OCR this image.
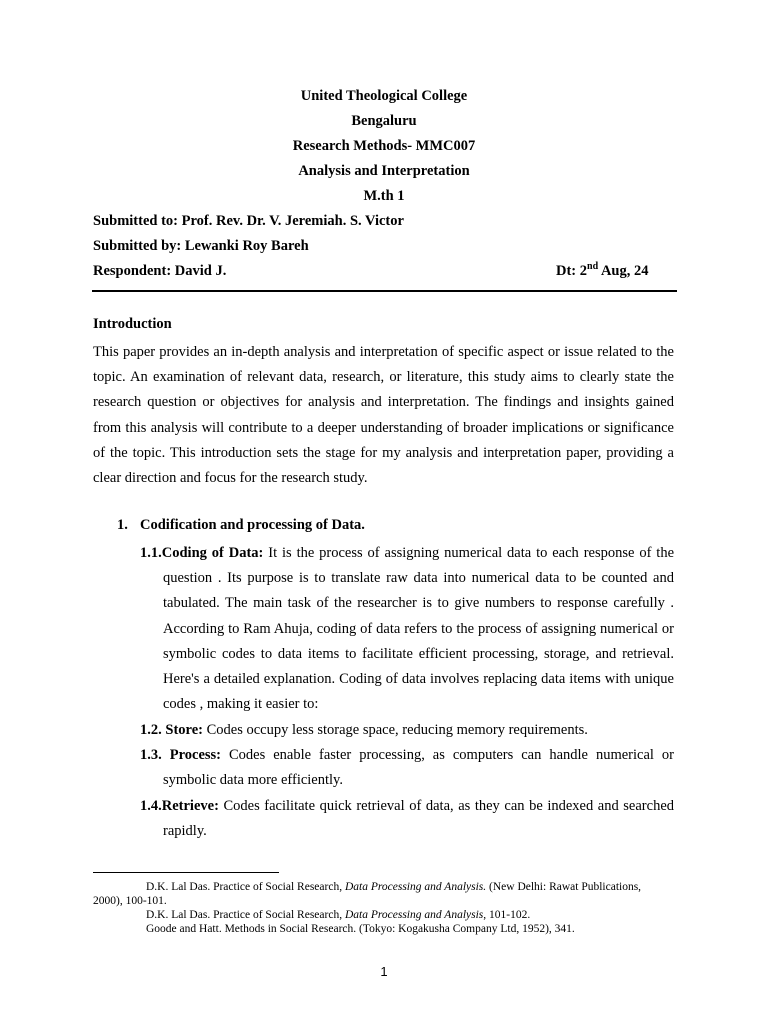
United Theological College
Bengaluru
Research Methods- MMC007
Analysis and Interpretation
M.th 1
Submitted to: Prof. Rev. Dr. V. Jeremiah. S. Victor
Submitted by: Lewanki Roy Bareh
Respondent: David J.	Dt: 2nd Aug, 24
Introduction
This paper provides an in-depth analysis and interpretation of specific aspect or issue related to the topic. An examination of relevant data, research, or literature, this study aims to clearly state the research question or objectives for analysis and interpretation. The findings and insights gained from this analysis will contribute to a deeper understanding of broader implications or significance of the topic. This introduction sets the stage for my analysis and interpretation paper, providing a clear direction and focus for the research study.
1. Codification and processing of Data.
1.1.Coding of Data: It is the process of assigning numerical data to each response of the question . Its purpose is to translate raw data into numerical data to be counted and tabulated. The main task of the researcher is to give numbers to response carefully . According to Ram Ahuja, coding of data refers to the process of assigning numerical or symbolic codes to data items to facilitate efficient processing, storage, and retrieval. Here's a detailed explanation. Coding of data involves replacing data items with unique codes , making it easier to:
1.2. Store: Codes occupy less storage space, reducing memory requirements.
1.3. Process: Codes enable faster processing, as computers can handle numerical or symbolic data more efficiently.
1.4.Retrieve: Codes facilitate quick retrieval of data, as they can be indexed and searched rapidly.
D.K. Lal Das. Practice of Social Research, Data Processing and Analysis. (New Delhi: Rawat Publications, 2000), 100-101.
D.K. Lal Das. Practice of Social Research, Data Processing and Analysis, 101-102.
Goode and Hatt. Methods in Social Research. (Tokyo: Kogakusha Company Ltd, 1952), 341.
1
